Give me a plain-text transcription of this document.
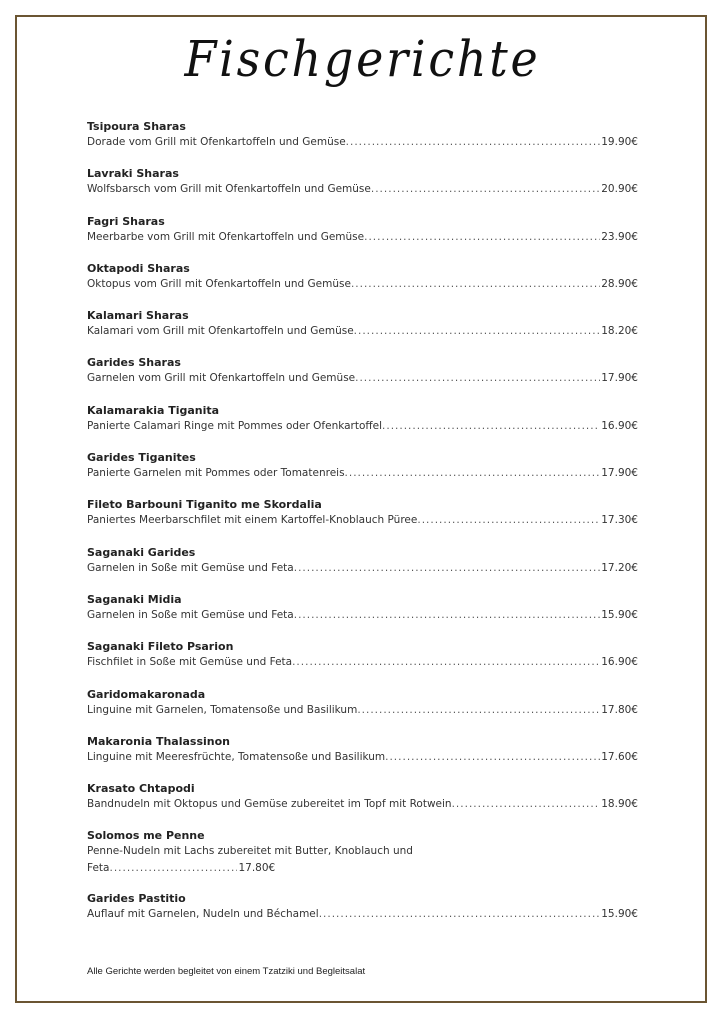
Fischgerichte
Tsipoura Sharas
Dorade vom Grill mit Ofenkartoffeln und Gemüse .....	19.90€
Lavraki Sharas
Wolfsbarsch vom Grill mit Ofenkartoffeln und Gemüse .....	20.90€
Fagri Sharas
Meerbarbe vom Grill mit Ofenkartoffeln und Gemüse .....	23.90€
Oktapodi Sharas
Oktopus vom Grill mit Ofenkartoffeln und Gemüse .....	28.90€
Kalamari Sharas
Kalamari vom Grill mit Ofenkartoffeln und Gemüse .....	18.20€
Garides Sharas
Garnelen vom Grill mit Ofenkartoffeln und Gemüse .....	17.90€
Kalamarakia Tiganita
Panierte Calamari Ringe mit Pommes oder Ofenkartoffel .....	16.90€
Garides Tiganites
Panierte Garnelen mit Pommes oder Tomatenreis .....	17.90€
Fileto Barbouni Tiganito me Skordalia
Paniertes Meerbarschfilet mit einem Kartoffel-Knoblauch Püree .....	17.30€
Saganaki Garides
Garnelen in Soße mit Gemüse und Feta .....	17.20€
Saganaki Midia
Garnelen in Soße mit Gemüse und Feta .....	15.90€
Saganaki Fileto Psarion
Fischfilet in Soße mit Gemüse und Feta .....	16.90€
Garidomakaronada
Linguine mit Garnelen, Tomatensoße und Basilikum .....	17.80€
Makaronia Thalassinon
Linguine mit Meeresfrüchte, Tomatensoße und Basilikum .....	17.60€
Krasato Chtapodi
Bandnudeln mit Oktopus und Gemüse zubereitet im Topf mit Rotwein .....	18.90€
Solomos me Penne
Penne-Nudeln mit Lachs zubereitet mit Butter, Knoblauch und
Feta .....	17.80€
Garides Pastitio
Auflauf mit Garnelen, Nudeln und Béchamel .....	15.90€
Alle Gerichte werden begleitet von einem Tzatziki und Begleitsalat
